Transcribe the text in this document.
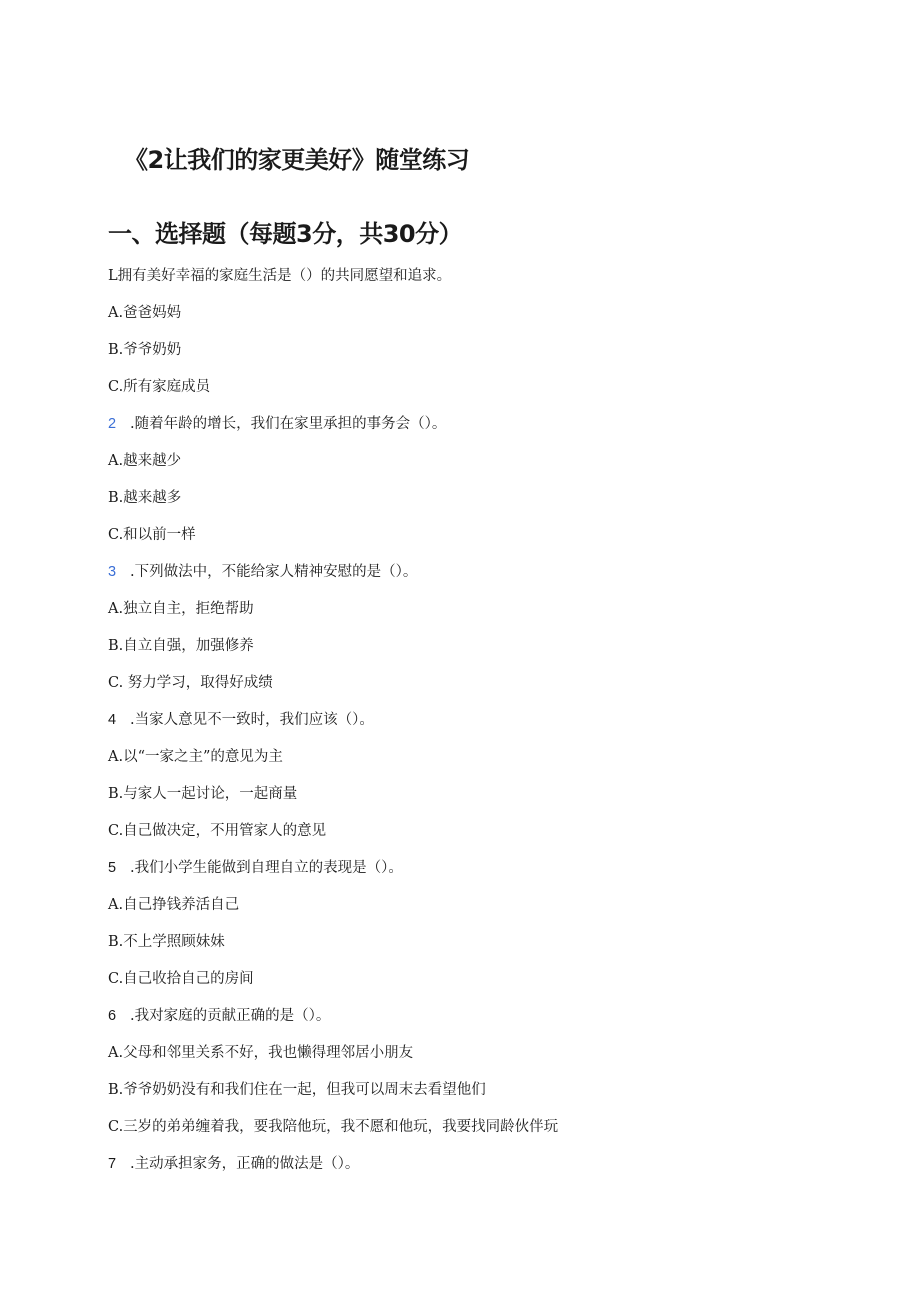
《2让我们的家更美好》随堂练习
一、选择题（每题3分，共30分）
L拥有美好幸福的家庭生活是（）的共同愿望和追求。
A.爸爸妈妈
B.爷爷奶奶
C.所有家庭成员
2 .随着年龄的增长，我们在家里承担的事务会（）。
A.越来越少
B.越来越多
C.和以前一样
3 .下列做法中，不能给家人精神安慰的是（）。
A.独立自主，拒绝帮助
B.自立自强，加强修养
C. 努力学习，取得好成绩
4 .当家人意见不一致时，我们应该（）。
A.以“一家之主”的意见为主
B.与家人一起讨论，一起商量
C.自己做决定，不用管家人的意见
5 .我们小学生能做到自理自立的表现是（）。
A.自己挣钱养活自己
B.不上学照顾妹妹
C.自己收拾自己的房间
6 .我对家庭的贡献正确的是（）。
A.父母和邻里关系不好，我也懒得理邻居小朋友
B.爷爷奶奶没有和我们住在一起，但我可以周末去看望他们
C.三岁的弟弟缠着我，要我陪他玩，我不愿和他玩，我要找同龄伙伴玩
7 .主动承担家务，正确的做法是（）。
